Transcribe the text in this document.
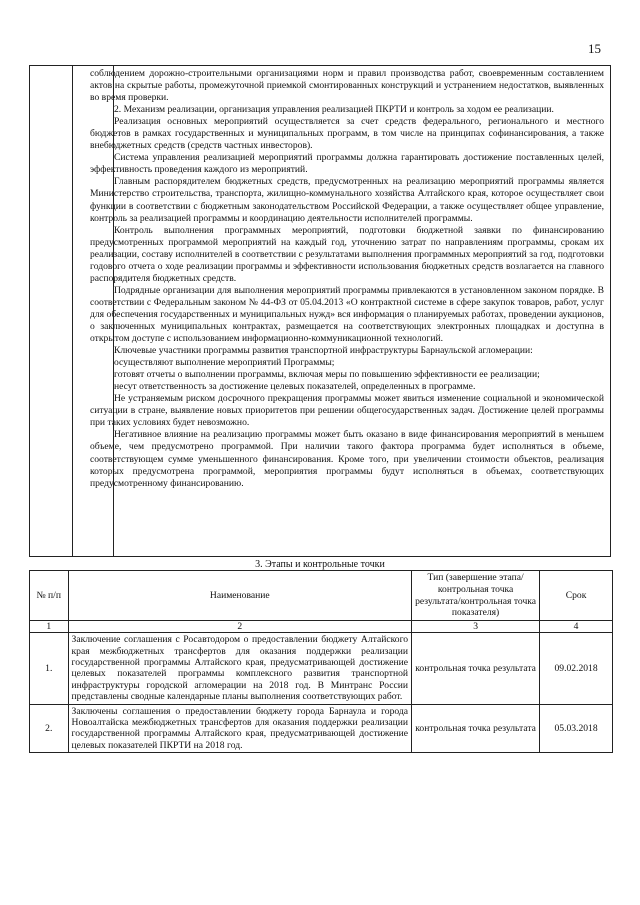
15

соблюдением дорожно-строительными организациями норм и правил производства работ, своевременным составлением актов на скрытые работы, промежуточной приемкой смонтированных конструкций и устранением недостатков, выявленных во время проверки.

2. Механизм реализации, организация управления реализацией ПКРТИ и контроль за ходом ее реализации.

Реализация основных мероприятий осуществляется за счет средств федерального, регионального и местного бюджетов в рамках государственных и муниципальных программ, в том числе на принципах софинансирования, а также внебюджетных средств (средств частных инвесторов).

Система управления реализацией мероприятий программы должна гарантировать достижение поставленных целей, эффективность проведения каждого из мероприятий.

Главным распорядителем бюджетных средств, предусмотренных на реализацию мероприятий программы является Министерство строительства, транспорта, жилищно-коммунального хозяйства Алтайского края, которое осуществляет свои функции в соответствии с бюджетным законодательством Российской Федерации, а также осуществляет общее управление, контроль за реализацией программы и координацию деятельности исполнителей программы.

Контроль выполнения программных мероприятий, подготовки бюджетной заявки по финансированию предусмотренных программой мероприятий на каждый год, уточнению затрат по направлениям программы, срокам их реализации, составу исполнителей в соответствии с результатами выполнения программных мероприятий за год, подготовки годового отчета о ходе реализации программы и эффективности использования бюджетных средств возлагается на главного распорядителя бюджетных средств.

Подрядные организации для выполнения мероприятий программы привлекаются в установленном законом порядке. В соответствии с Федеральным законом № 44-ФЗ от 05.04.2013 «О контрактной системе в сфере закупок товаров, работ, услуг для обеспечения государственных и муниципальных нужд» вся информация о планируемых работах, проведении аукционов, о заключенных муниципальных контрактах, размещается на соответствующих электронных площадках и доступна в открытом доступе с использованием информационно-коммуникационной технологий.

Ключевые участники программы развития транспортной инфраструктуры Барнаульской агломерации:

осуществляют выполнение мероприятий Программы;

готовят отчеты о выполнении программы, включая меры по повышению эффективности ее реализации;

несут ответственность за достижение целевых показателей, определенных в программе.

Не устраняемым риском досрочного прекращения программы может явиться изменение социальной и экономической ситуации в стране, выявление новых приоритетов при решении общегосударственных задач. Достижение целей программы при таких условиях будет невозможно.

Негативное влияние на реализацию программы может быть оказано в виде финансирования мероприятий в меньшем объеме, чем предусмотрено программой. При наличии такого фактора программа будет исполняться в объеме, соответствующем сумме уменьшенного финансирования. Кроме того, при увеличении стоимости объектов, реализация которых предусмотрена программой, мероприятия программы будут исполняться в объемах, соответствующих предусмотренному финансированию.

3. Этапы и контрольные точки
№ п/п	Наименование	Тип (завершение этапа/контрольная точка результата/контрольная точка показателя)	Срок
1	2	3	4
1.	Заключение соглашения с Росавтодором о предоставлении бюджету Алтайского края межбюджетных трансфертов для оказания поддержки реализации государственной программы Алтайского края, предусматривающей достижение целевых показателей программы комплексного развития транспортной инфраструктуры городской агломерации на 2018 год. В Минтранс России представлены сводные календарные планы выполнения соответствующих работ.	контрольная точка результата	09.02.2018
2.	Заключены соглашения о предоставлении бюджету города Барнаула и города Новоалтайска межбюджетных трансфертов для оказания поддержки реализации государственной программы Алтайского края, предусматривающей достижение целевых показателей ПКРТИ на 2018 год.	контрольная точка результата	05.03.2018
